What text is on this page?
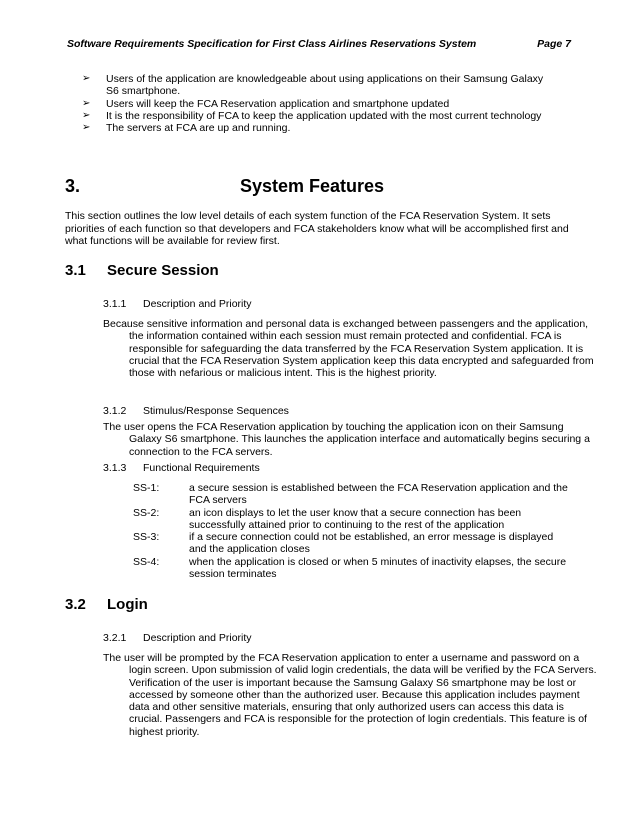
Software Requirements Specification for First Class Airlines Reservations System	Page 7
➢ Users of the application are knowledgeable about using applications on their Samsung Galaxy S6 smartphone.
➢ Users will keep the FCA Reservation application and smartphone updated
➢ It is the responsibility of FCA to keep the application updated with the most current technology
➢ The servers at FCA are up and running.
3.	System Features
This section outlines the low level details of each system function of the FCA Reservation System. It sets priorities of each function so that developers and FCA stakeholders know what will be accomplished first and what functions will be available for review first.
3.1 Secure Session
3.1.1 Description and Priority
Because sensitive information and personal data is exchanged between passengers and the application, the information contained within each session must remain protected and confidential. FCA is responsible for safeguarding the data transferred by the FCA Reservation System application. It is crucial that the FCA Reservation System application keep this data encrypted and safeguarded from those with nefarious or malicious intent. This is the highest priority.
3.1.2 Stimulus/Response Sequences
The user opens the FCA Reservation application by touching the application icon on their Samsung Galaxy S6 smartphone. This launches the application interface and automatically begins securing a connection to the FCA servers.
3.1.3 Functional Requirements
SS-1:	a secure session is established between the FCA Reservation application and the FCA servers
SS-2:	an icon displays to let the user know that a secure connection has been successfully attained prior to continuing to the rest of the application
SS-3:	if a secure connection could not be established, an error message is displayed and the application closes
SS-4:	when the application is closed or when 5 minutes of inactivity elapses, the secure session terminates
3.2 Login
3.2.1 Description and Priority
The user will be prompted by the FCA Reservation application to enter a username and password on a login screen. Upon submission of valid login credentials, the data will be verified by the FCA Servers. Verification of the user is important because the Samsung Galaxy S6 smartphone may be lost or accessed by someone other than the authorized user. Because this application includes payment data and other sensitive materials, ensuring that only authorized users can access this data is crucial. Passengers and FCA is responsible for the protection of login credentials. This feature is of highest priority.
